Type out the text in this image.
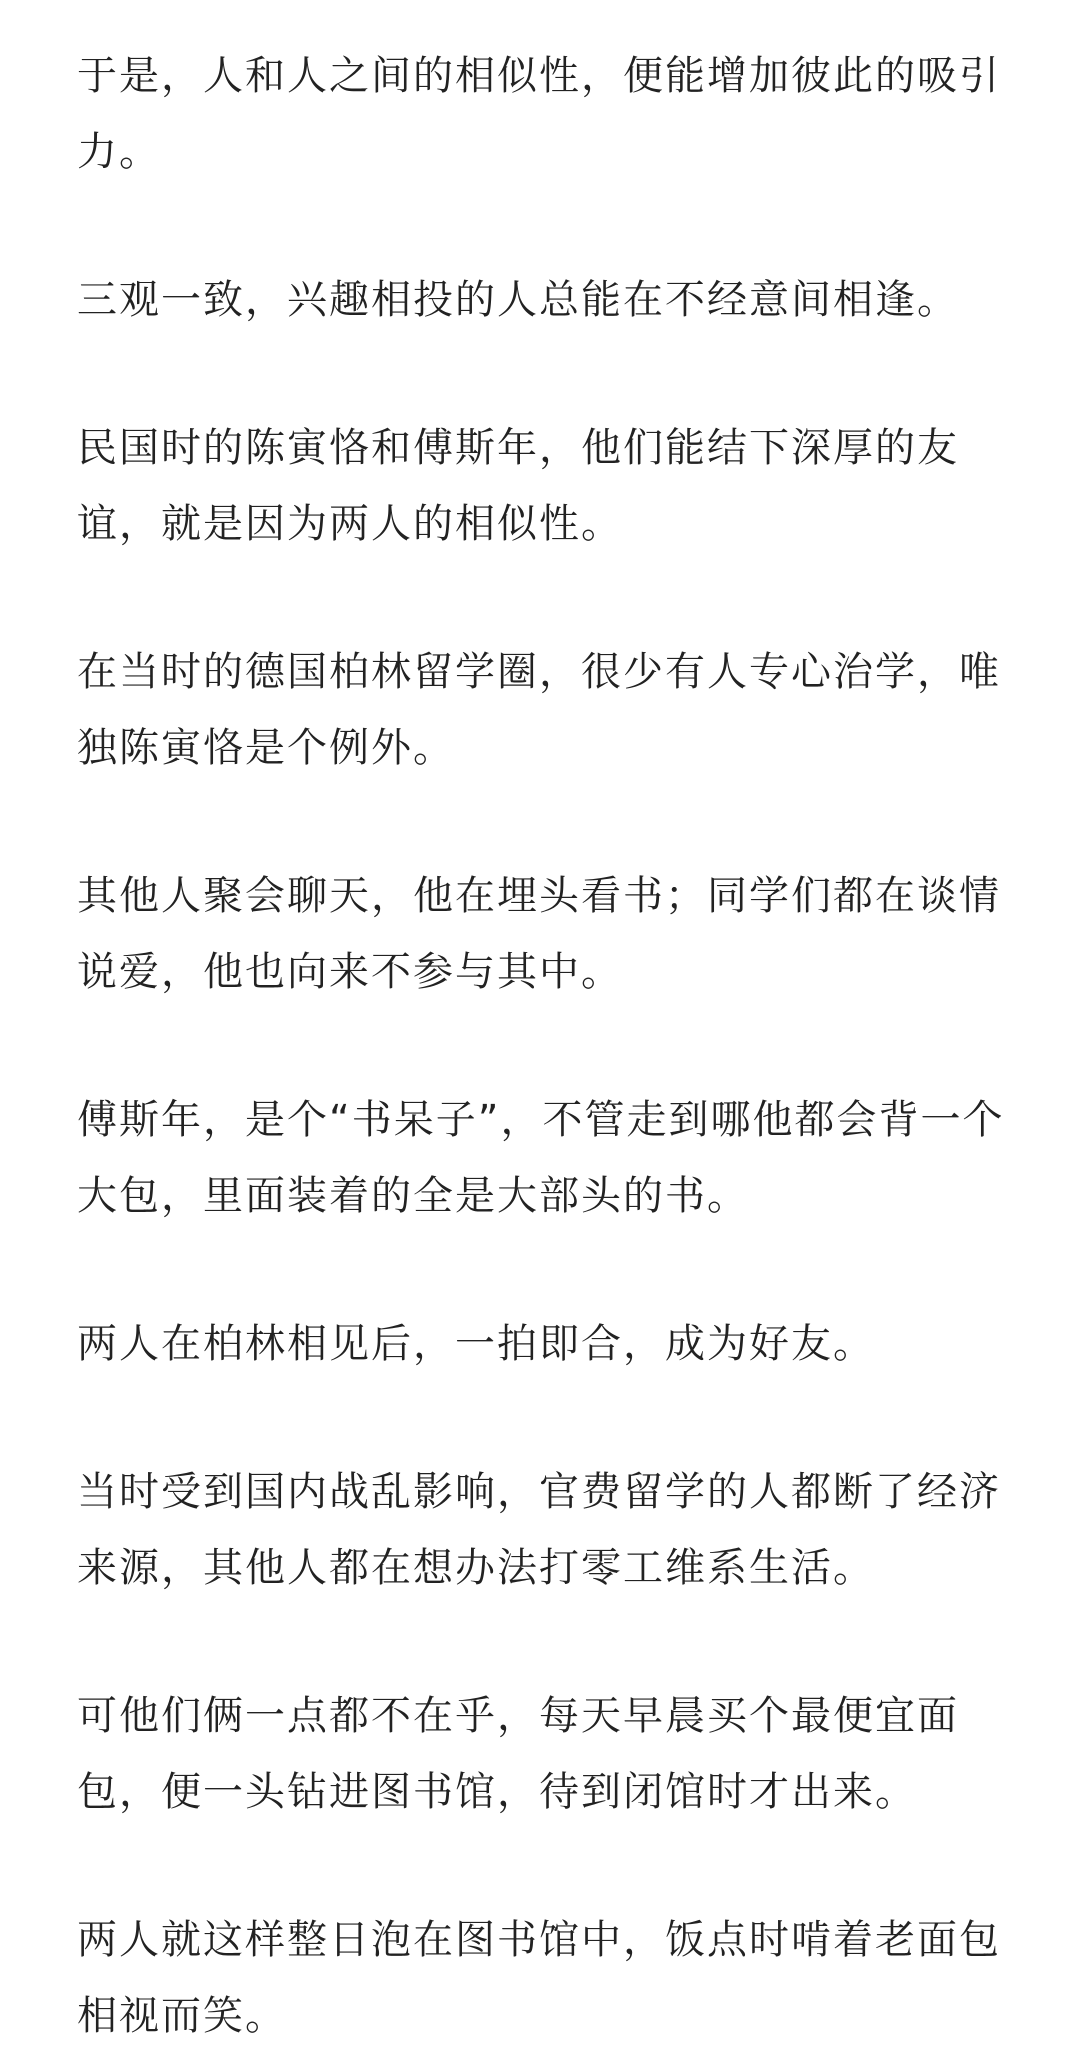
于是，人和人之间的相似性，便能增加彼此的吸引力。

三观一致，兴趣相投的人总能在不经意间相逢。

民国时的陈寅恪和傅斯年，他们能结下深厚的友谊，就是因为两人的相似性。

在当时的德国柏林留学圈，很少有人专心治学，唯独陈寅恪是个例外。

其他人聚会聊天，他在埋头看书；同学们都在谈情说爱，他也向来不参与其中。

傅斯年，是个“书呆子”，不管走到哪他都会背一个大包，里面装着的全是大部头的书。

两人在柏林相见后，一拍即合，成为好友。

当时受到国内战乱影响，官费留学的人都断了经济来源，其他人都在想办法打零工维系生活。

可他们俩一点都不在乎，每天早晨买个最便宜面包，便一头钻进图书馆，待到闭馆时才出来。

两人就这样整日泡在图书馆中，饭点时啃着老面包相视而笑。
